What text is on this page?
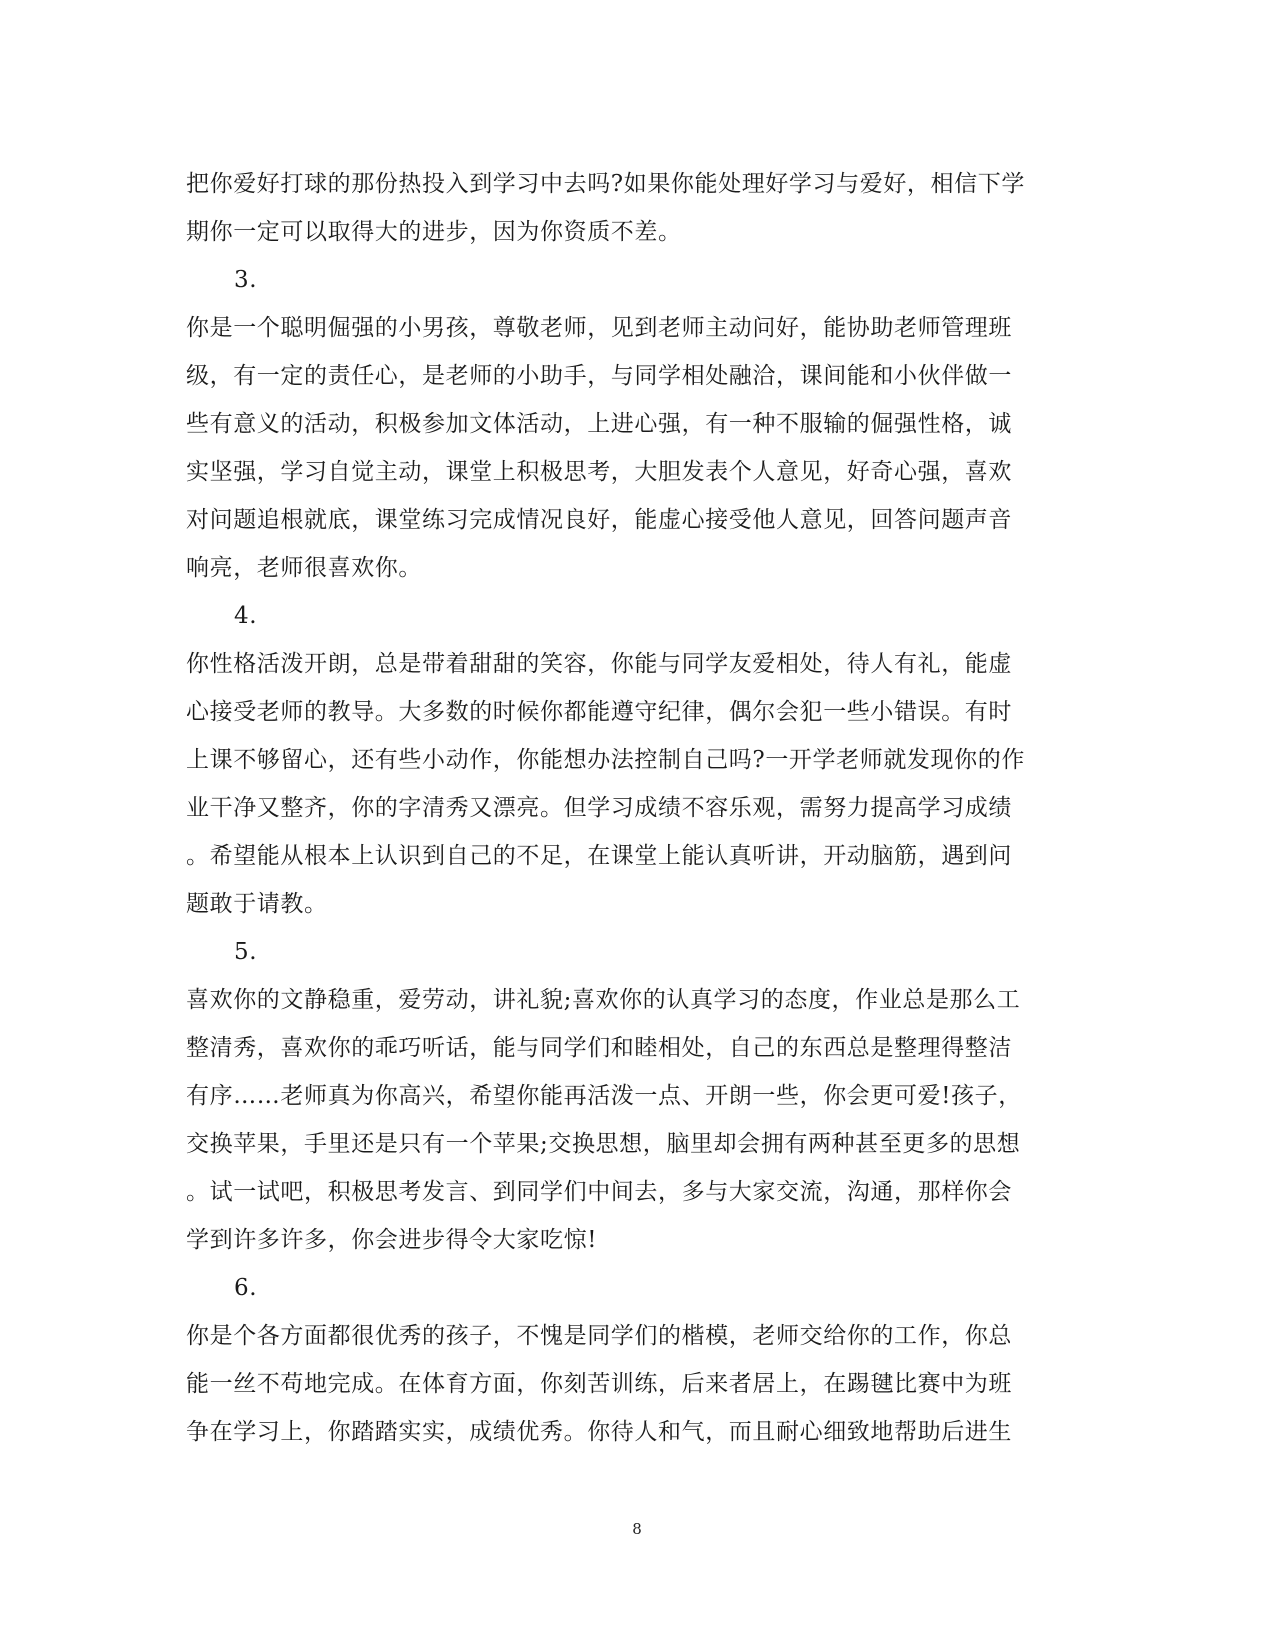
把你爱好打球的那份热投入到学习中去吗?如果你能处理好学习与爱好，相信下学
期你一定可以取得大的进步，因为你资质不差。
3.
你是一个聪明倔强的小男孩，尊敬老师，见到老师主动问好，能协助老师管理班
级，有一定的责任心，是老师的小助手，与同学相处融洽，课间能和小伙伴做一
些有意义的活动，积极参加文体活动，上进心强，有一种不服输的倔强性格，诚
实坚强，学习自觉主动，课堂上积极思考，大胆发表个人意见，好奇心强，喜欢
对问题追根就底，课堂练习完成情况良好，能虚心接受他人意见，回答问题声音
响亮，老师很喜欢你。
4.
你性格活泼开朗，总是带着甜甜的笑容，你能与同学友爱相处，待人有礼，能虚
心接受老师的教导。大多数的时候你都能遵守纪律，偶尔会犯一些小错误。有时
上课不够留心，还有些小动作，你能想办法控制自己吗?一开学老师就发现你的作
业干净又整齐，你的字清秀又漂亮。但学习成绩不容乐观，需努力提高学习成绩
。希望能从根本上认识到自己的不足，在课堂上能认真听讲，开动脑筋，遇到问
题敢于请教。
5.
喜欢你的文静稳重，爱劳动，讲礼貌;喜欢你的认真学习的态度，作业总是那么工
整清秀，喜欢你的乖巧听话，能与同学们和睦相处，自己的东西总是整理得整洁
有序……老师真为你高兴，希望你能再活泼一点、开朗一些，你会更可爱!孩子，
交换苹果，手里还是只有一个苹果;交换思想，脑里却会拥有两种甚至更多的思想
。试一试吧，积极思考发言、到同学们中间去，多与大家交流，沟通，那样你会
学到许多许多，你会进步得令大家吃惊!
6.
你是个各方面都很优秀的孩子，不愧是同学们的楷模，老师交给你的工作，你总
能一丝不苟地完成。在体育方面，你刻苦训练，后来者居上，在踢毽比赛中为班
争在学习上，你踏踏实实，成绩优秀。你待人和气，而且耐心细致地帮助后进生
8
